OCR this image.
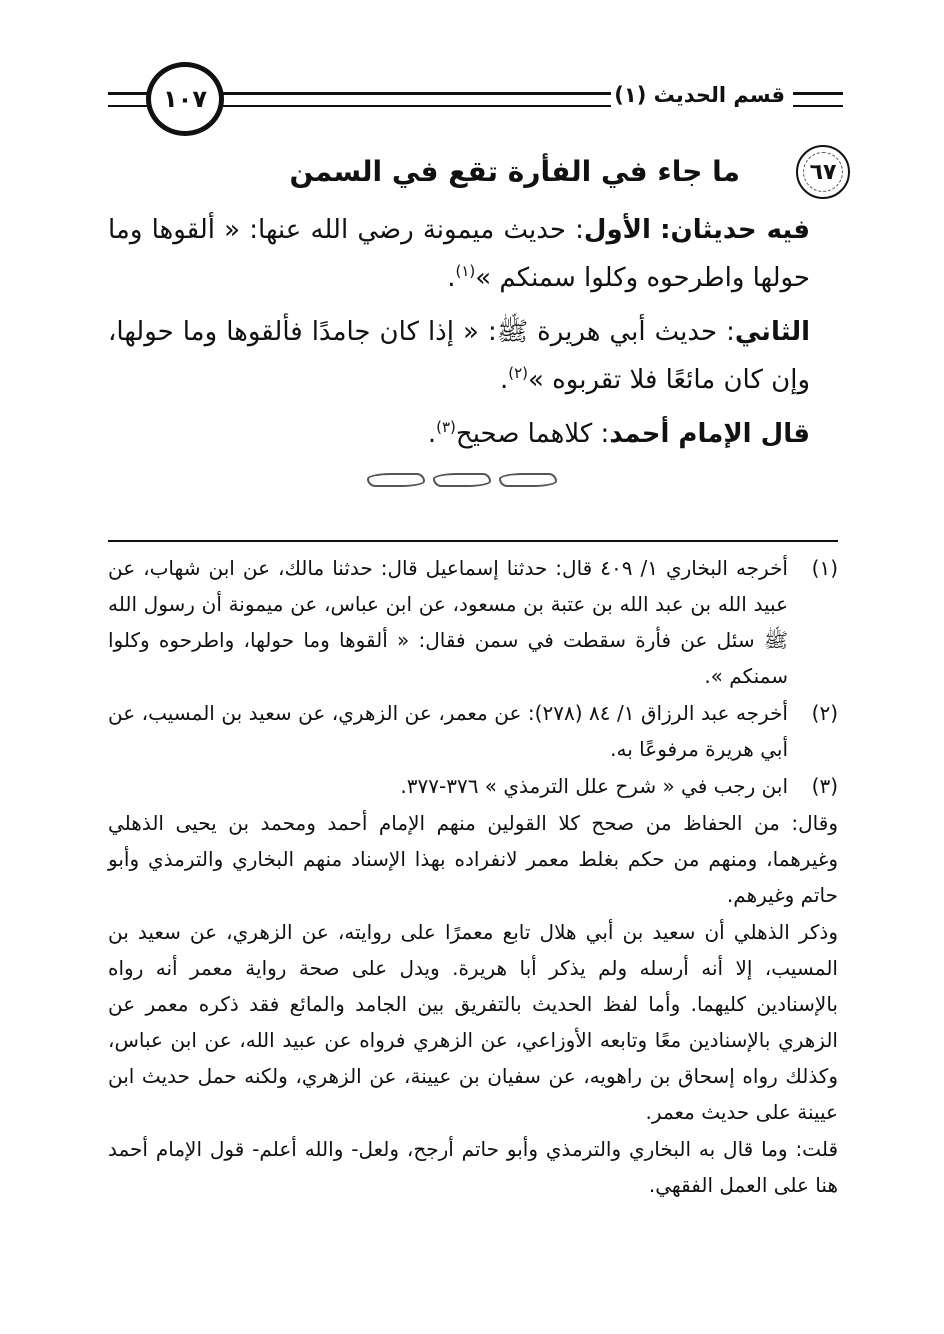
قسم الحديث (١)
١٠٧
٦٧
ما جاء في الفأرة تقع في السمن

فيه حديثان: الأول: حديث ميمونة رضي الله عنها: « ألقوها وما حولها واطرحوه وكلوا سمنكم »$^{(١)}$.

الثاني: حديث أبي هريرة ﷺ: « إذا كان جامدًا فألقوها وما حولها، وإن كان مائعًا فلا تقربوه »$^{(٢)}$.

قال الإمام أحمد: كلاهما صحيح$^{(٣)}$.

(١)
أخرجه البخاري ١/ ٤٠٩ قال: حدثنا إسماعيل قال: حدثنا مالك، عن ابن شهاب، عن عبيد الله بن عبد الله بن عتبة بن مسعود، عن ابن عباس، عن ميمونة أن رسول الله ﷺ سئل عن فأرة سقطت في سمن فقال: « ألقوها وما حولها، واطرحوه وكلوا سمنكم ».
(٢)
أخرجه عبد الرزاق ١/ ٨٤ (٢٧٨): عن معمر، عن الزهري، عن سعيد بن المسيب، عن أبي هريرة مرفوعًا به.
(٣)
ابن رجب في « شرح علل الترمذي » ٣٧٦-٣٧٧.
وقال: من الحفاظ من صحح كلا القولين منهم الإمام أحمد ومحمد بن يحيى الذهلي وغيرهما، ومنهم من حكم بغلط معمر لانفراده بهذا الإسناد منهم البخاري والترمذي وأبو حاتم وغيرهم.
وذكر الذهلي أن سعيد بن أبي هلال تابع معمرًا على روايته، عن الزهري، عن سعيد بن المسيب، إلا أنه أرسله ولم يذكر أبا هريرة. ويدل على صحة رواية معمر أنه رواه بالإسنادين كليهما. وأما لفظ الحديث بالتفريق بين الجامد والمائع فقد ذكره معمر عن الزهري بالإسنادين معًا وتابعه الأوزاعي، عن الزهري فرواه عن عبيد الله، عن ابن عباس، وكذلك رواه إسحاق بن راهويه، عن سفيان بن عيينة، عن الزهري، ولكنه حمل حديث ابن عيينة على حديث معمر.
قلت: وما قال به البخاري والترمذي وأبو حاتم أرجح، ولعل- والله أعلم- قول الإمام أحمد هنا على العمل الفقهي.
